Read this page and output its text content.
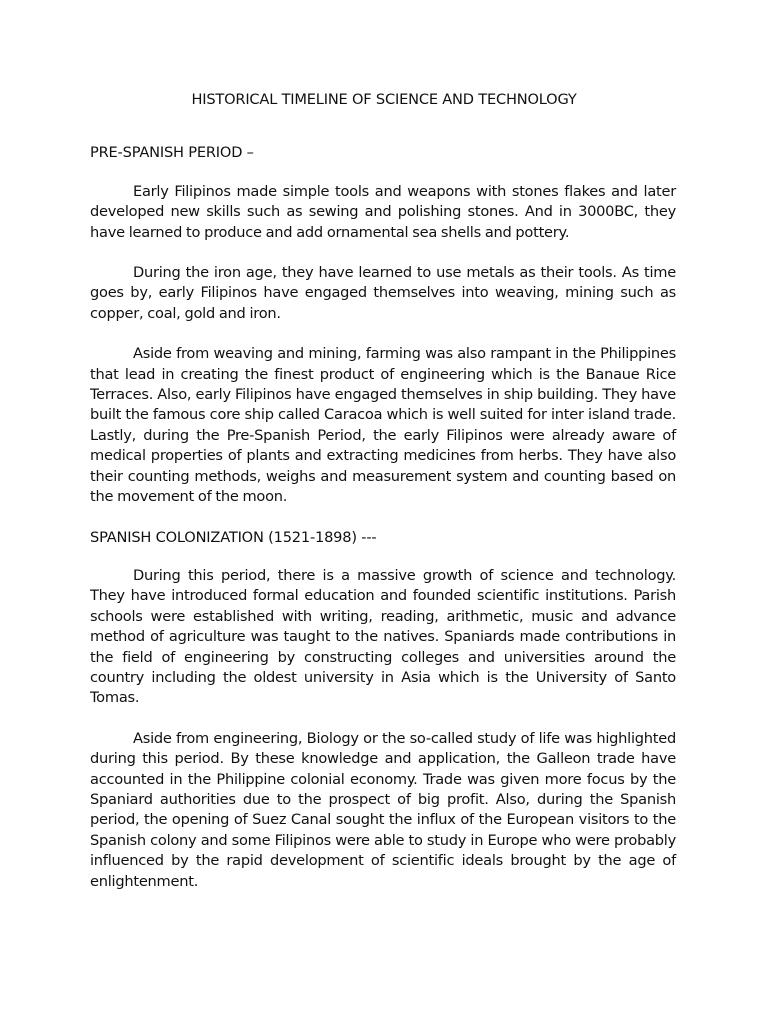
HISTORICAL TIMELINE OF SCIENCE AND TECHNOLOGY
PRE-SPANISH PERIOD –

Early Filipinos made simple tools and weapons with stones flakes and later developed new skills such as sewing and polishing stones. And in 3000BC, they have learned to produce and add ornamental sea shells and pottery.

During the iron age, they have learned to use metals as their tools. As time goes by, early Filipinos have engaged themselves into weaving, mining such as copper, coal, gold and iron.

Aside from weaving and mining, farming was also rampant in the Philippines that lead in creating the finest product of engineering which is the Banaue Rice Terraces. Also, early Filipinos have engaged themselves in ship building. They have built the famous core ship called Caracoa which is well suited for inter island trade. Lastly, during the Pre-Spanish Period, the early Filipinos were already aware of medical properties of plants and extracting medicines from herbs. They have also their counting methods, weighs and measurement system and counting based on the movement of the moon.

SPANISH COLONIZATION (1521-1898) ---

During this period, there is a massive growth of science and technology. They have introduced formal education and founded scientific institutions. Parish schools were established with writing, reading, arithmetic, music and advance method of agriculture was taught to the natives. Spaniards made contributions in the field of engineering by constructing colleges and universities around the country including the oldest university in Asia which is the University of Santo Tomas.

Aside from engineering, Biology or the so-called study of life was highlighted during this period. By these knowledge and application, the Galleon trade have accounted in the Philippine colonial economy. Trade was given more focus by the Spaniard authorities due to the prospect of big profit. Also, during the Spanish period, the opening of Suez Canal sought the influx of the European visitors to the Spanish colony and some Filipinos were able to study in Europe who were probably influenced by the rapid development of scientific ideals brought by the age of enlightenment.
